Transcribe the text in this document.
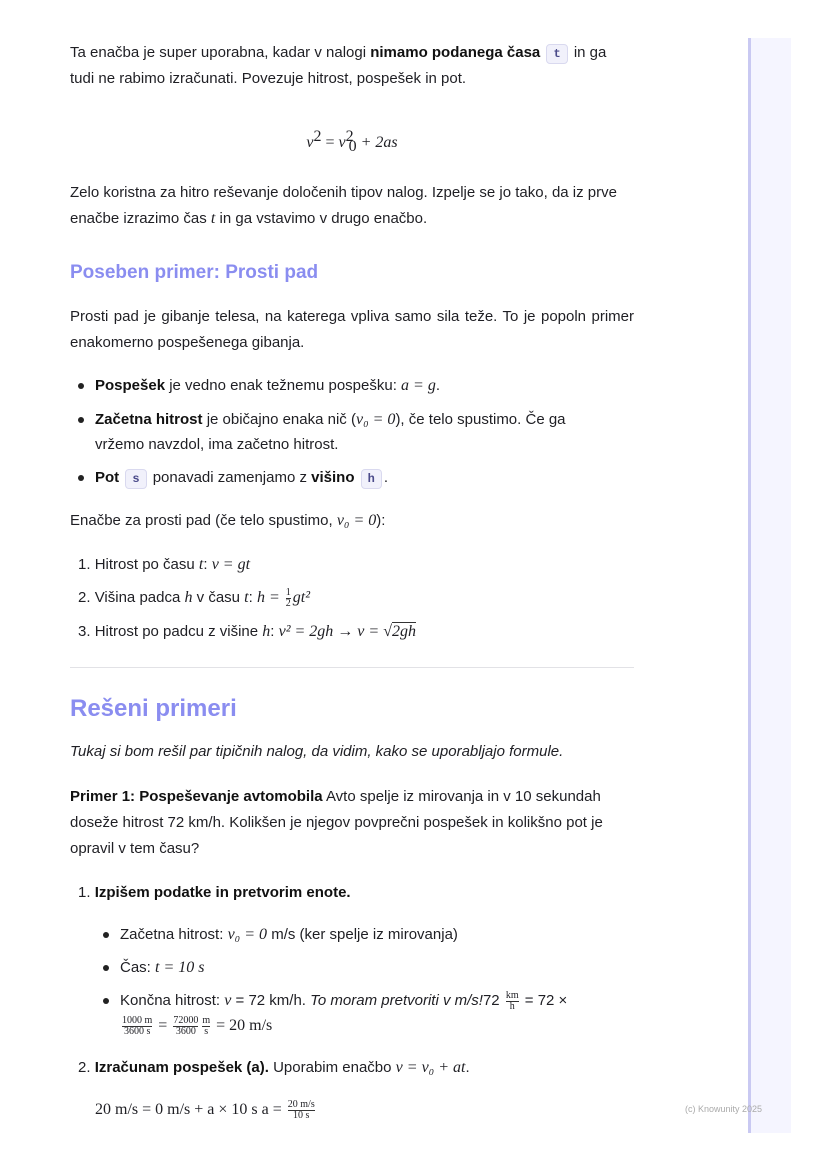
Ta enačba je super uporabna, kadar v nalogi nimamo podanega časa t in ga tudi ne rabimo izračunati. Povezuje hitrost, pospešek in pot.
$v^2 = v^2_0 + 2as$
Zelo koristna za hitro reševanje določenih tipov nalog. Izpelje se jo tako, da iz prve enačbe izrazimo čas t in ga vstavimo v drugo enačbo.
Poseben primer: Prosti pad
Prosti pad je gibanje telesa, na katerega vpliva samo sila teže. To je popoln primer enakomerno pospešenega gibanja.
Pospešek je vedno enak težnemu pospešku: a = g.
Začetna hitrost je običajno enaka nič (v₀ = 0), če telo spustimo. Če ga vržemo navzdol, ima začetno hitrost.
Pot s ponavadi zamenjamo z višino h .
Enačbe za prosti pad (če telo spustimo, v₀ = 0):
1. Hitrost po času t: v = gt
2. Višina padca h v času t: $h = \frac{1}{2} gt^2$
3. Hitrost po padcu z višine h: v² = 2gh → v = √2gh
Rešeni primeri
Tukaj si bom rešil par tipičnih nalog, da vidim, kako se uporabljajo formule.
Primer 1: Pospeševanje avtomobila Avto spelje iz mirovanja in v 10 sekundah doseže hitrost 72 km/h. Kolikšen je njegov povprečni pospešek in kolikšno pot je opravil v tem času?
1. Izpišem podatke in pretvorim enote.
Začetna hitrost: v₀ = 0 m/s (ker spelje iz mirovanja)
Čas: t = 10 s
Končna hitrost: v = 72 km/h. To moram pretvoriti v $m/s!72 \frac{km}{h} = 72$ ×

$\frac{1000 m}{3600 s} = \frac{72000}{3600} \frac{m}{s} = 20$ m/s
2. Izračunam pospešek (a). Uporabim enačbo v = v₀ + at.
20 m/s = 0 m/s + a × 10 s $a = \frac{20 m/s}{10 s}$	(c) Knowunity 2025
